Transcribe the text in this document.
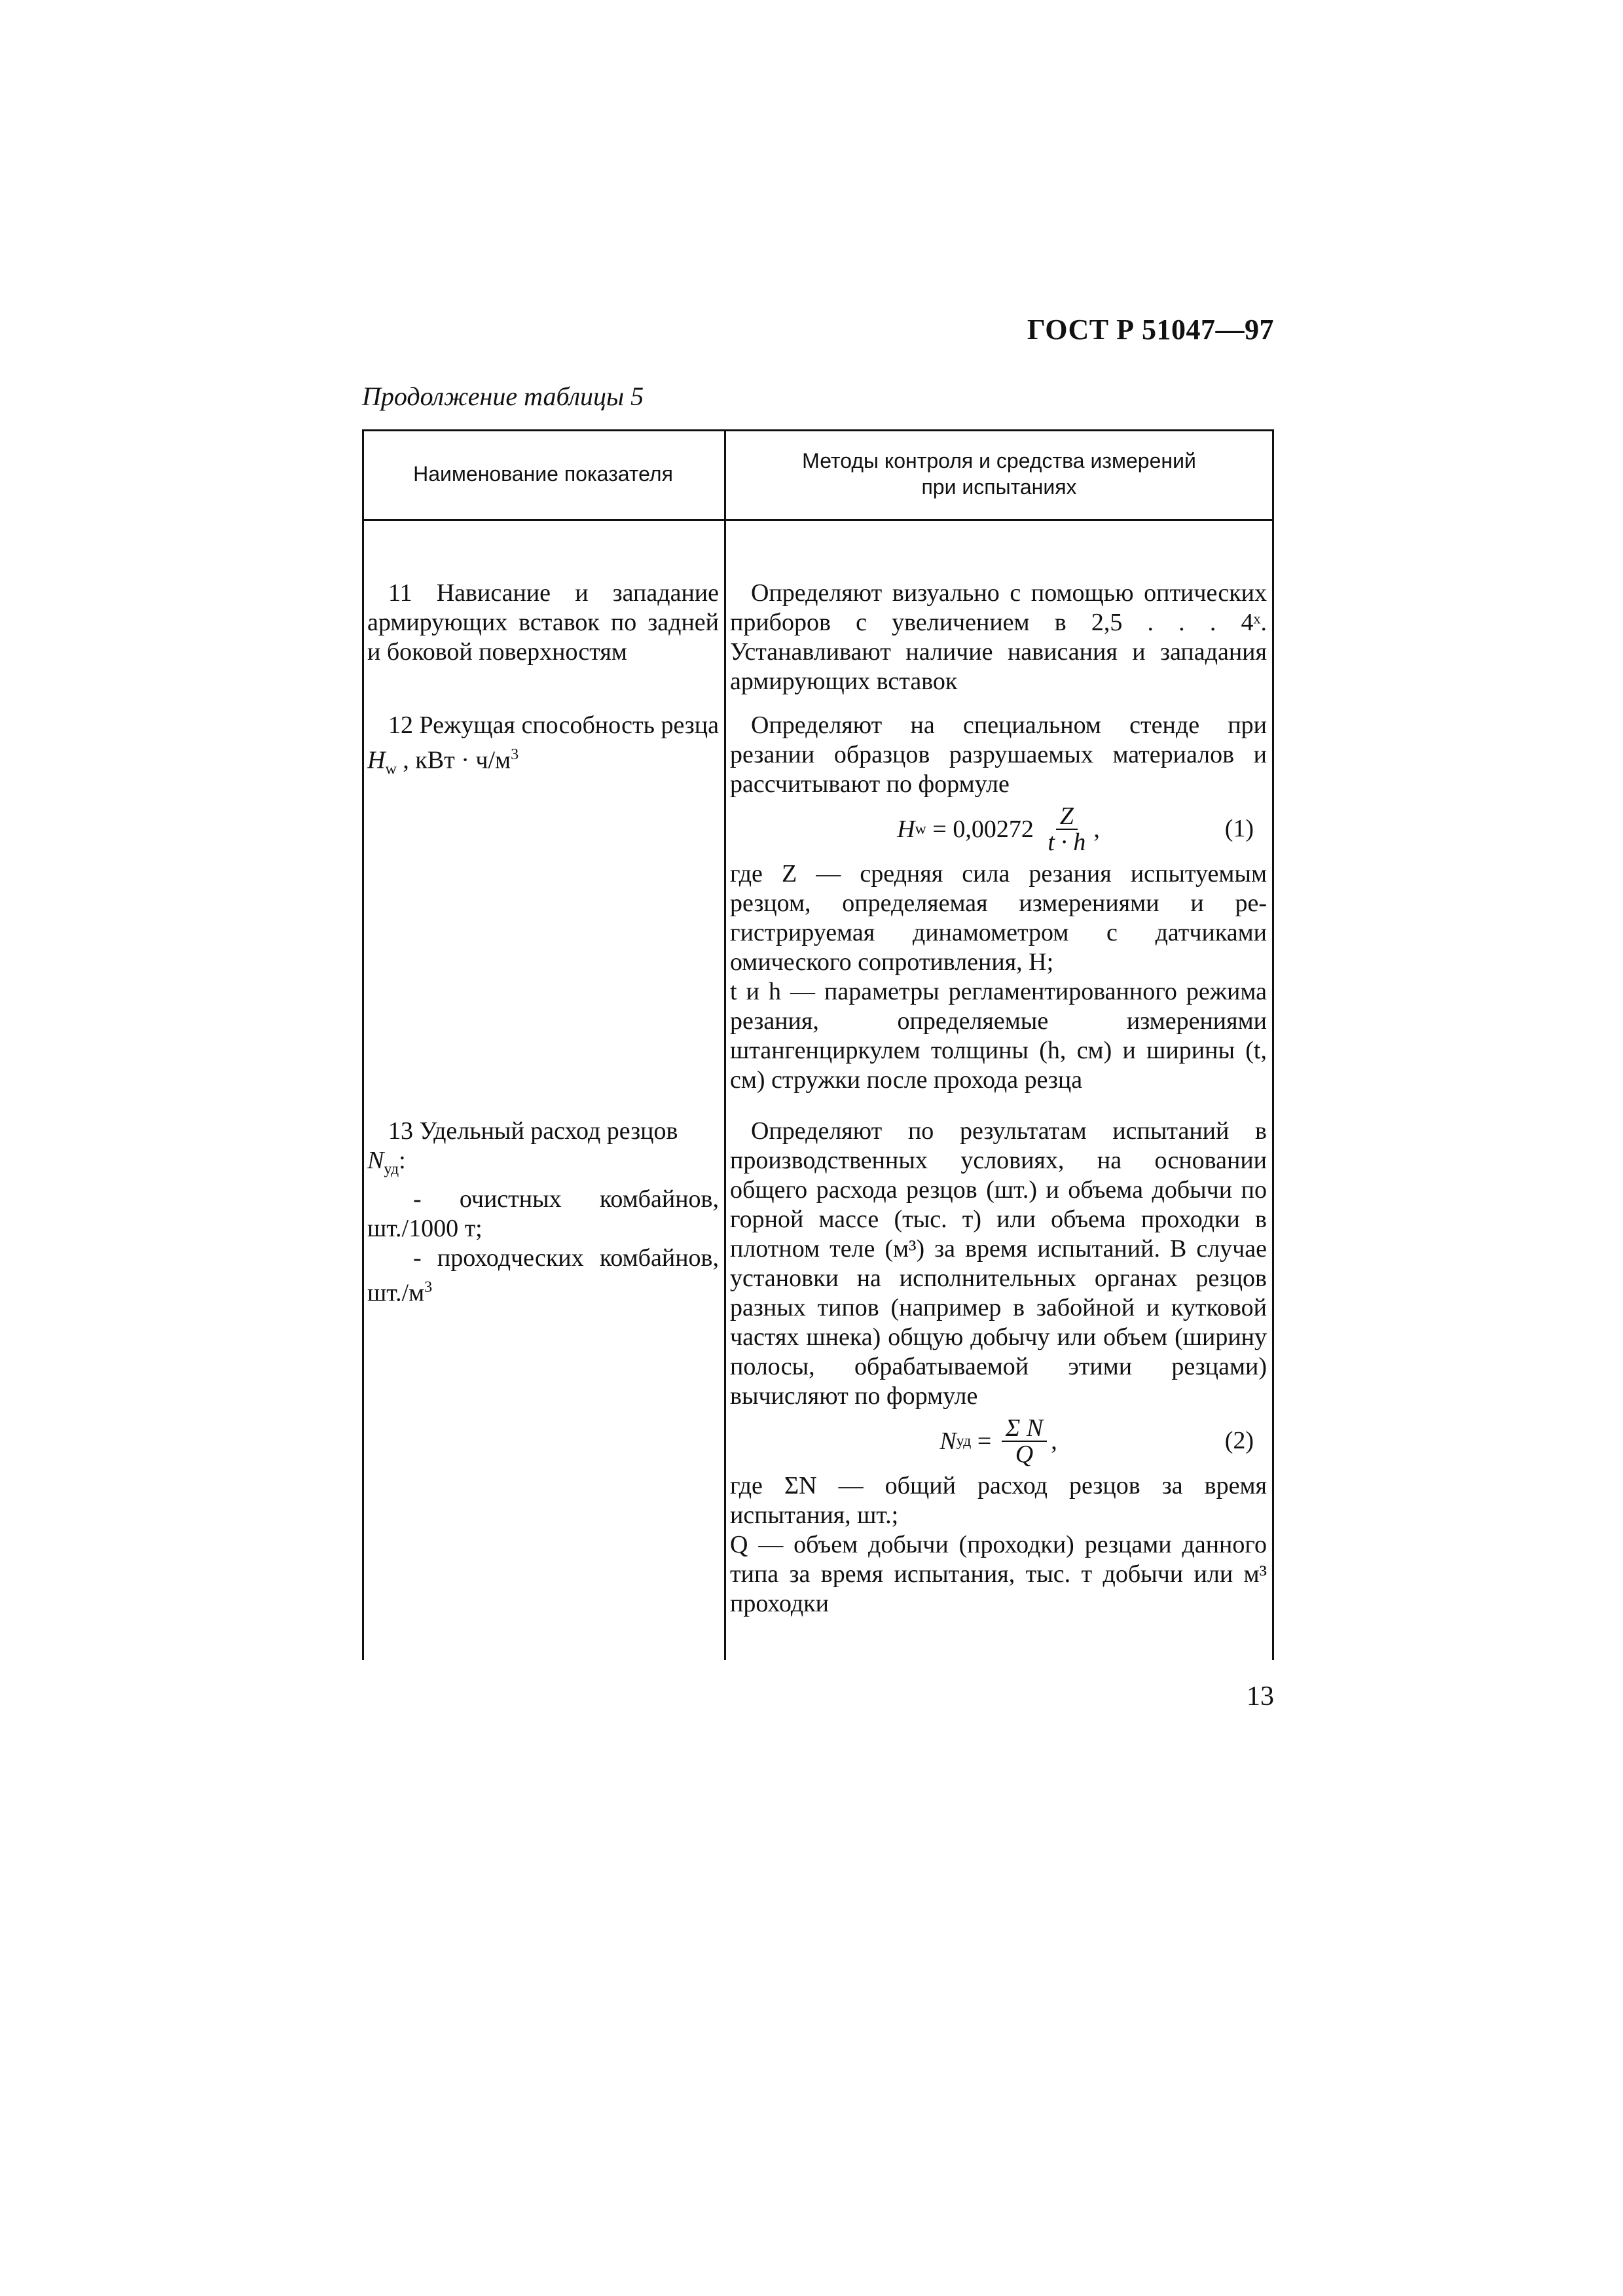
ГОСТ Р 51047—97
Продолжение таблицы 5
Наименование показателя
Методы контроля и средства измерений
при испытаниях
11 Нависание и западание армирующих вставок по задней и боковой поверхностям
Определяют визуально с помощью оптических приборов с увеличением в 2,5 . . . 4ˣ. Устанавливают наличие нависания и западания армирующих вставок
12 Режущая способность резца $H_w$ , кВт · $ч/м^3$

Определяют на специальном стенде при резании образцов разрушаемых материалов и рассчитывают по формуле

H $w = 0,00272 \frac{Z}{t \cdot h}$ ,	(1)

где Z — средняя сила резания испытуемым резцом, определяемая измерениями и регистрируемая динамометром с датчиками омического сопротивления, Н;

t и h — параметры регламентированного режима резания, определяемые измерениями штангенциркулем толщины (h, см) и ширины (t, см) стружки после прохода резца

13 Удельный расход резцов

$N_{уд}$:

- очистных комбайнов, шт./1000 т;

- проходческих комбайнов, $шт./м^3$

Определяют по результатам испытаний в производственных условиях, на основании общего расхода резцов (шт.) и объема добычи по горной массе (тыс. т) или объема проходки в плотном теле (м³) за время испытаний. В случае установки на исполнительных органах резцов разных типов (например в забойной и кутковой частях шнека) общую добычу или объем (ширину полосы, обрабатываемой этими резцами) вычисляют по формуле

N уд = $\frac{\text{Σ N}}{Q}$ ,	(2)

где ΣN — общий расход резцов за время испытания, шт.;

Q — объем добычи (проходки) резцами данного типа за время испытания, тыс. т добычи или м³ проходки

13
